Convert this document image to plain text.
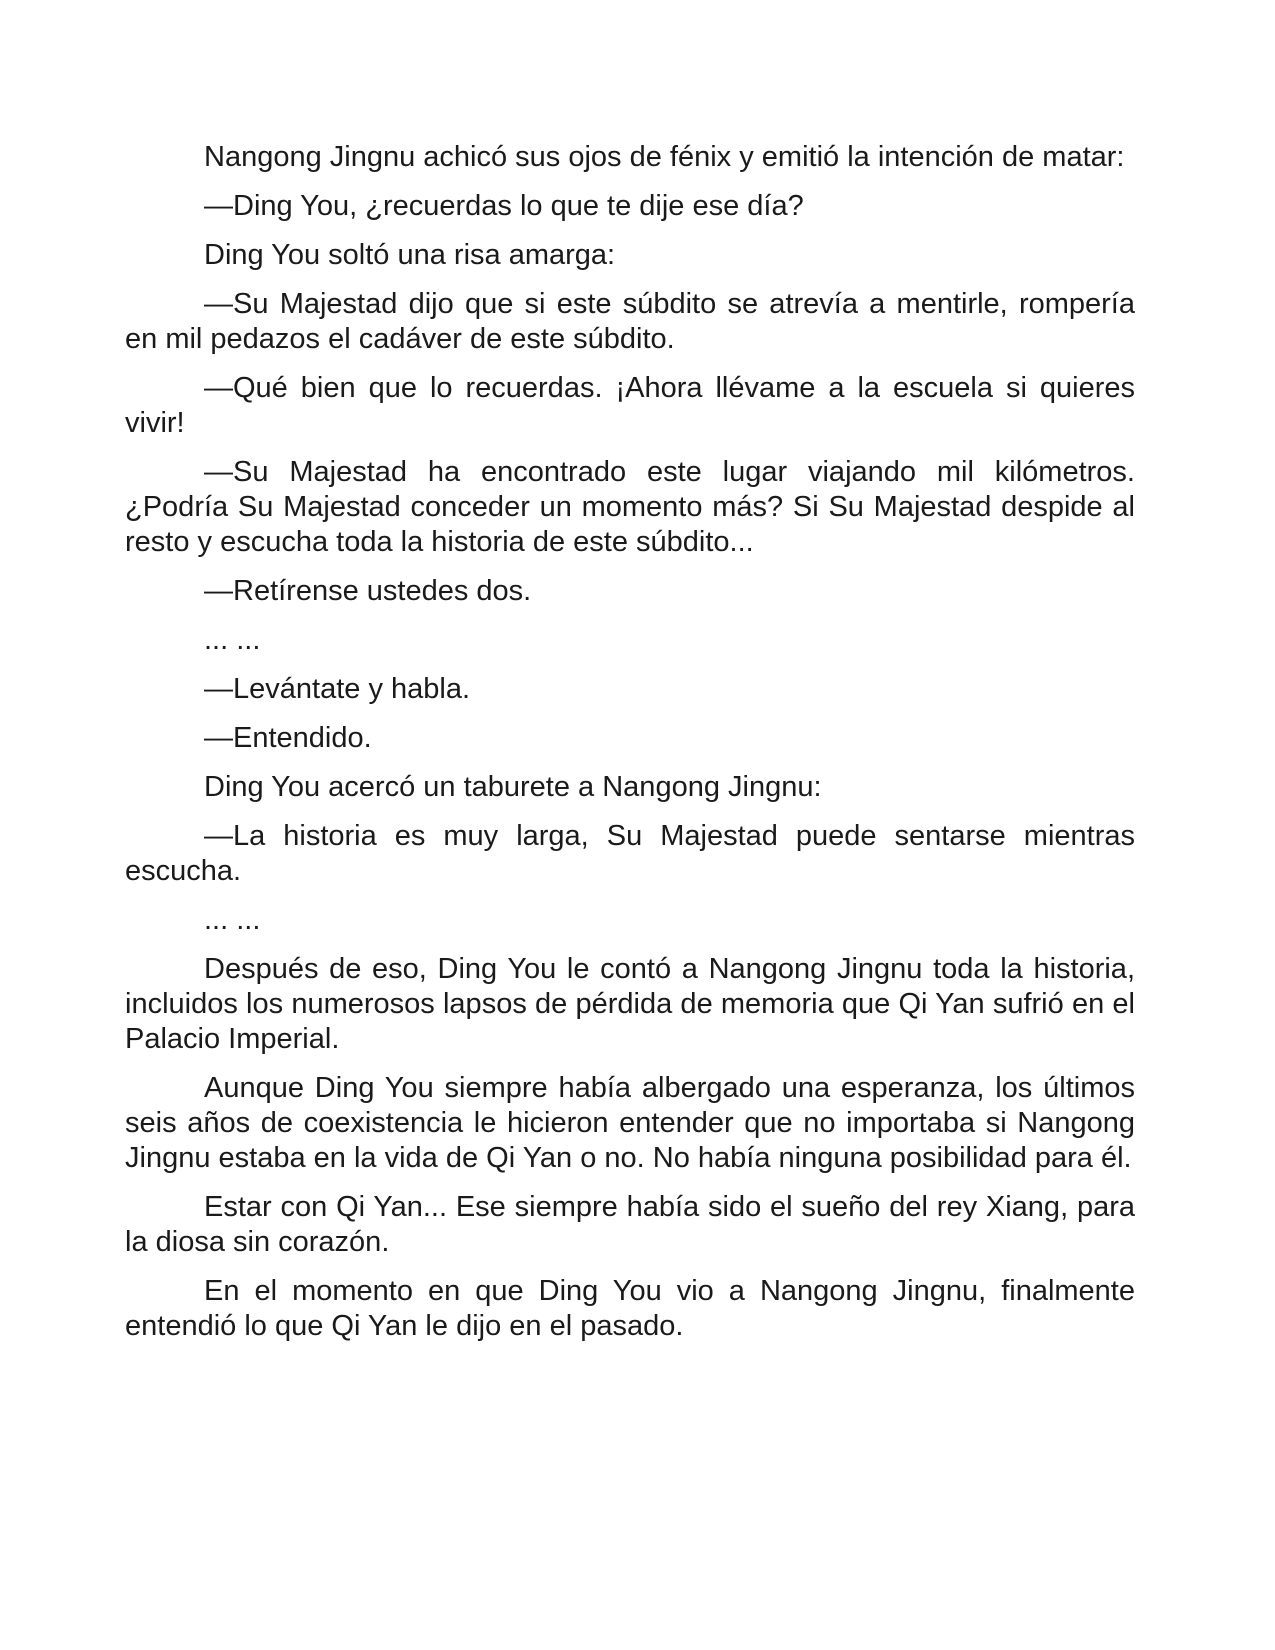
Nangong Jingnu achicó sus ojos de fénix y emitió la intención de matar:

—Ding You, ¿recuerdas lo que te dije ese día?

Ding You soltó una risa amarga:

—Su Majestad dijo que si este súbdito se atrevía a mentirle, rompería en mil pedazos el cadáver de este súbdito.

—Qué bien que lo recuerdas. ¡Ahora llévame a la escuela si quieres vivir!

—Su Majestad ha encontrado este lugar viajando mil kilómetros. ¿Podría Su Majestad conceder un momento más? Si Su Majestad despide al resto y escucha toda la historia de este súbdito...

—Retírense ustedes dos.

... ...

—Levántate y habla.

—Entendido.

Ding You acercó un taburete a Nangong Jingnu:

—La historia es muy larga, Su Majestad puede sentarse mientras escucha.

... ...

Después de eso, Ding You le contó a Nangong Jingnu toda la historia, incluidos los numerosos lapsos de pérdida de memoria que Qi Yan sufrió en el Palacio Imperial.

Aunque Ding You siempre había albergado una esperanza, los últimos seis años de coexistencia le hicieron entender que no importaba si Nangong Jingnu estaba en la vida de Qi Yan o no. No había ninguna posibilidad para él.

Estar con Qi Yan... Ese siempre había sido el sueño del rey Xiang, para la diosa sin corazón.

En el momento en que Ding You vio a Nangong Jingnu, finalmente entendió lo que Qi Yan le dijo en el pasado.
